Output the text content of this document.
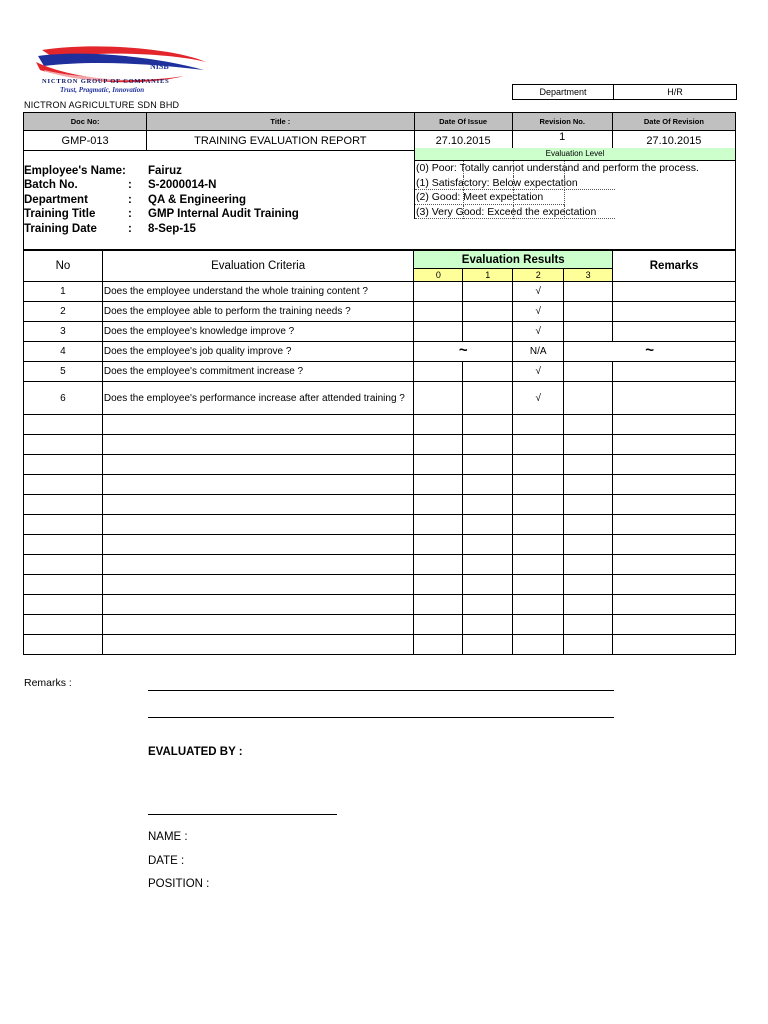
NISB
NICTRON GROUP OF COMPANIES
Trust, Pragmatic, Innovation
NICTRON AGRICULTURE SDN BHD
Department	H/R
Doc No:	Title :	Date Of Issue	Revision No.	Date Of Revision
GMP-013	TRAINING EVALUATION REPORT	27.10.2015	1	27.10.2015
Employee's Name: Fairuz
Batch No.	:	S-2000014-N
Department	:	QA & Engineering
Training Title	:	GMP Internal Audit Training
Training Date	:	8-Sep-15
Evaluation Level
(0) Poor: Totally cannot understand and perform the process.
(1) Satisfactory: Below expectation
(2) Good: Meet expectation
(3) Very Good: Exceed the expectation
No	Evaluation Criteria	Evaluation Results				Remarks
		0	1	2	3	
1	Does the employee understand the whole training content ?			√		
2	Does the employee able to perform the training needs ?			√		
3	Does the employee's knowledge improve ?			√		
4	Does the employee's job quality improve ?	~		N/A	~	
5	Does the employee's commitment increase ?			√		
6	Does the employee's performance increase after attended training ?			√		

Remarks :
EVALUATED BY :
NAME :
DATE :
POSITION :
